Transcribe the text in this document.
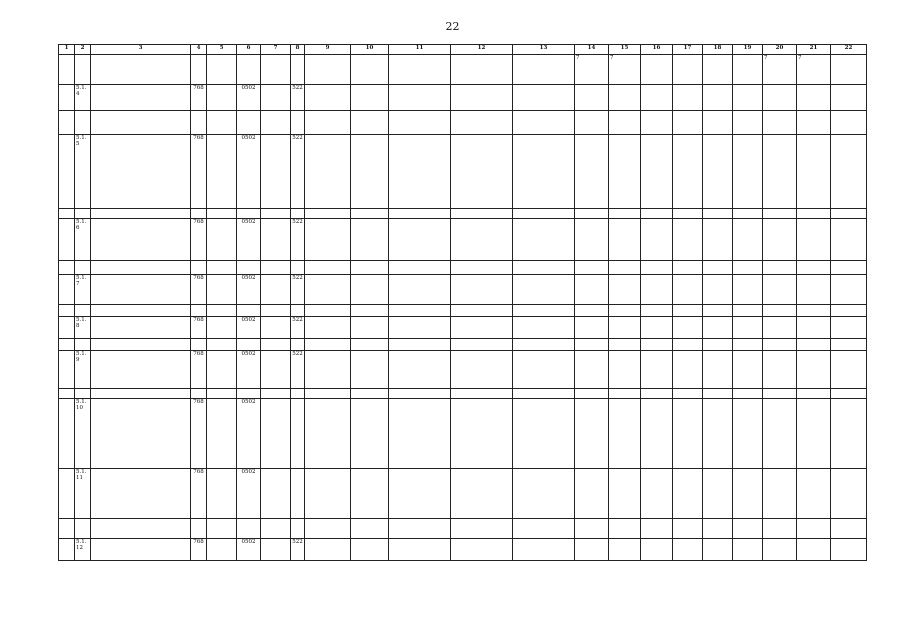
22
1	2	3	4	5	6	7	8	9	10	11	12	13	14	15	16	17	18	19	20	21	22
													7	7					7	7	
	5.1.4		768		0502		522														

	5.1.5		768		0502		522														

	5.1.6		768		0502		522														

	5.1.7		768		0502		522														

	5.1.8		768		0502		522														

	5.1.9		768		0502		522														

	5.1.10		768		0502																
	5.1.11		768		0502																

	5.1.12		768		0502		522														
